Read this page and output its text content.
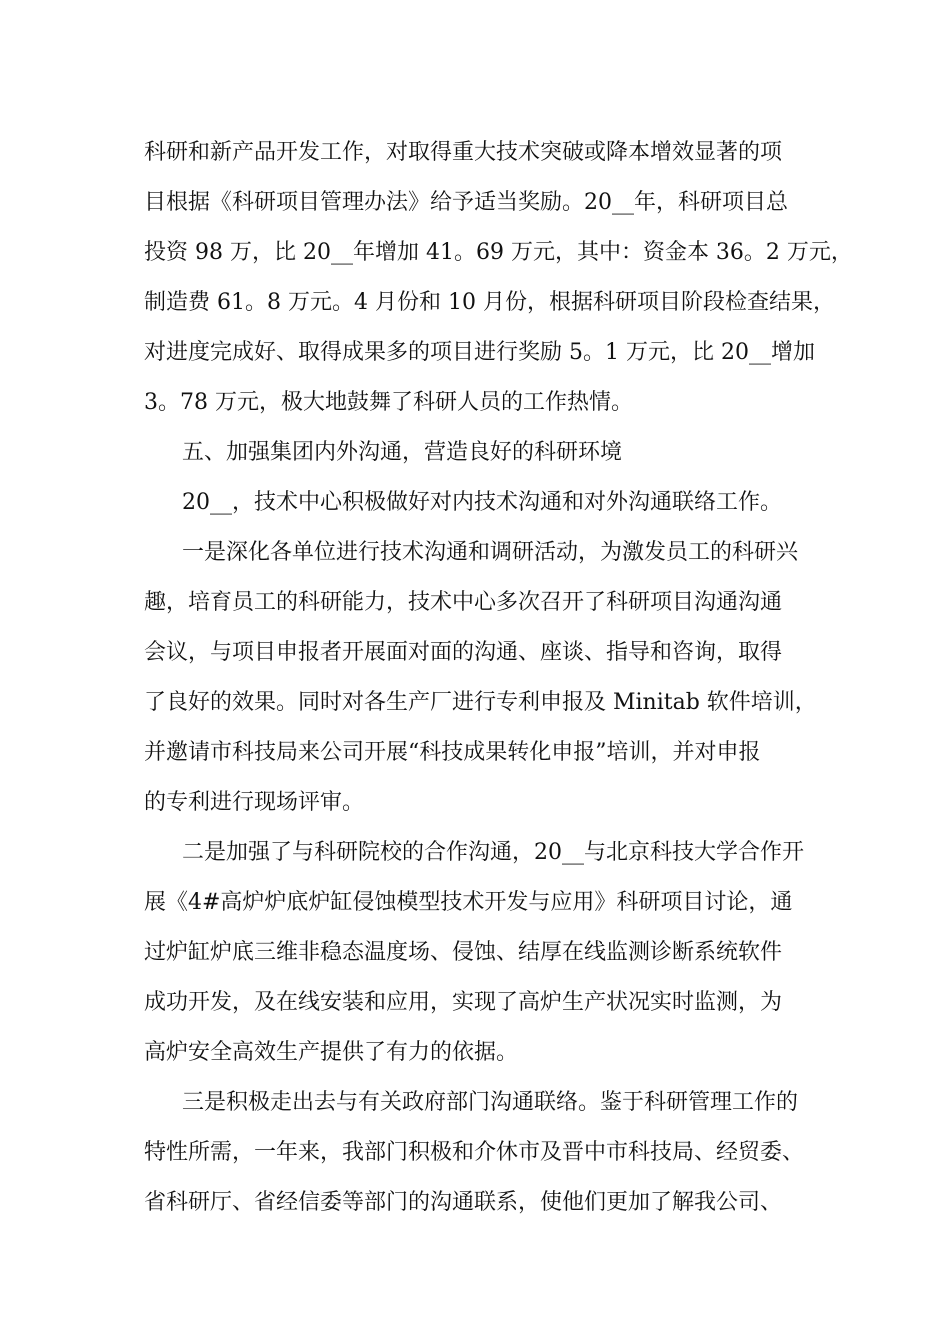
科研和新产品开发工作，对取得重大技术突破或降本增效显著的项
目根据《科研项目管理办法》给予适当奖励。20__年，科研项目总
投资 98 万，比 20__年增加 41。69 万元，其中：资金本 36。2 万元，
制造费 61。8 万元。4 月份和 10 月份，根据科研项目阶段检查结果，
对进度完成好、取得成果多的项目进行奖励 5。1 万元，比 20__增加
3。78 万元，极大地鼓舞了科研人员的工作热情。
五、加强集团内外沟通，营造良好的科研环境
20__，技术中心积极做好对内技术沟通和对外沟通联络工作。
一是深化各单位进行技术沟通和调研活动，为激发员工的科研兴
趣，培育员工的科研能力，技术中心多次召开了科研项目沟通沟通
会议，与项目申报者开展面对面的沟通、座谈、指导和咨询，取得
了良好的效果。同时对各生产厂进行专利申报及 Minitab 软件培训，
并邀请市科技局来公司开展“科技成果转化申报”培训，并对申报
的专利进行现场评审。
二是加强了与科研院校的合作沟通，20__与北京科技大学合作开
展《4#高炉炉底炉缸侵蚀模型技术开发与应用》科研项目讨论，通
过炉缸炉底三维非稳态温度场、侵蚀、结厚在线监测诊断系统软件
成功开发，及在线安装和应用，实现了高炉生产状况实时监测，为
高炉安全高效生产提供了有力的依据。
三是积极走出去与有关政府部门沟通联络。鉴于科研管理工作的
特性所需，一年来，我部门积极和介休市及晋中市科技局、经贸委、
省科研厅、省经信委等部门的沟通联系，使他们更加了解我公司、
